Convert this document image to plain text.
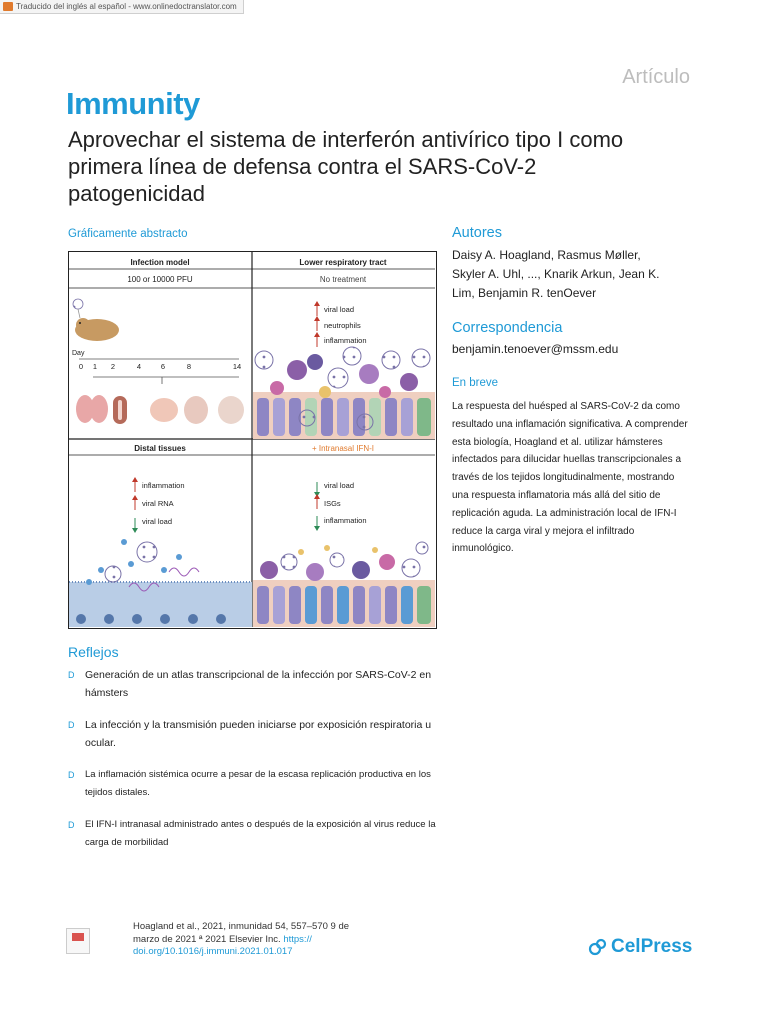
Traducido del inglés al español - www.onlinedoctranslator.com
Artículo
Immunity
Aprovechar el sistema de interferón antivírico tipo I como primera línea de defensa contra el SARS-CoV-2 patogenicidad
Gráficamente abstracto
Infection model
100 or 10000 PFU
Lower respiratory tract
No treatment
Distal tissues	+ Intranasal IFN-I
Day
0 1 2	4	6	8	14
viral load
neutrophils
inflammation
inflammation
viral RNA
viral load
viral load
ISGs
inflammation
Autores
Daisy A. Hoagland, Rasmus Møller, Skyler A. Uhl, ..., Knarik Arkun, Jean K. Lim, Benjamin R. tenOever
Correspondencia
benjamin.tenoever@mssm.edu
En breve
La respuesta del huésped al SARS-CoV-2 da como resultado una inflamación significativa. A comprender esta biología, Hoagland et al. utilizar hámsteres infectados para dilucidar huellas transcripcionales a través de los tejidos longitudinalmente, mostrando una respuesta inflamatoria más allá del sitio de replicación aguda. La administración local de IFN-I reduce la carga viral y mejora el infiltrado inmunológico.
Reflejos
D Generación de un atlas transcripcional de la infección por SARS-CoV-2 en hámsters
D La infección y la transmisión pueden iniciarse por exposición respiratoria u ocular.
D La inflamación sistémica ocurre a pesar de la escasa replicación productiva en los tejidos distales.
D El IFN-I intranasal administrado antes o después de la exposición al virus reduce la carga de morbilidad
Hoagland et al., 2021, inmunidad 54, 557–570 9 de marzo de 2021 ª 2021 Elsevier Inc. https:// doi.org/10.1016/j.immuni.2021.01.017	CelPress
